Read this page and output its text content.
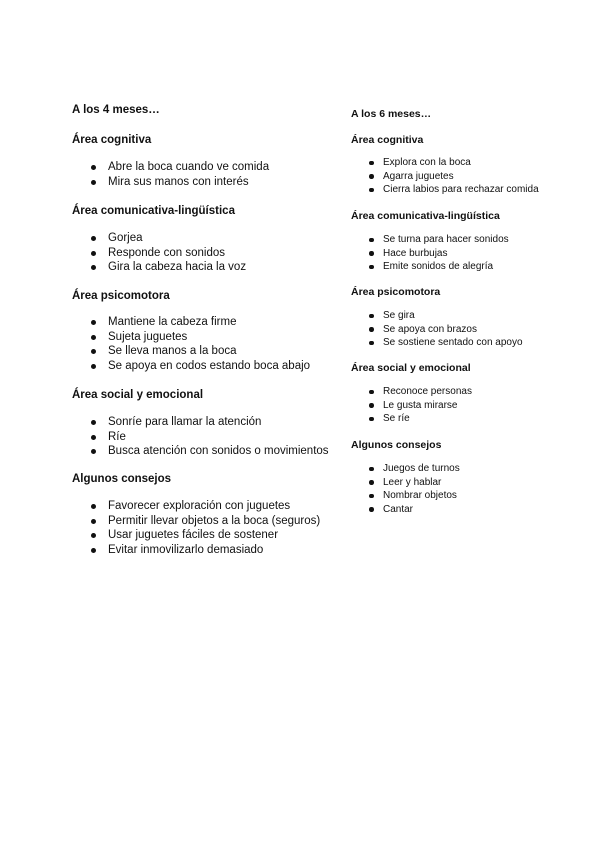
A los 4 meses…

Área cognitiva

Abre la boca cuando ve comida
Mira sus manos con interés

Área comunicativa-lingüística

Gorjea
Responde con sonidos
Gira la cabeza hacia la voz

Área psicomotora

Mantiene la cabeza firme
Sujeta juguetes
Se lleva manos a la boca
Se apoya en codos estando boca abajo

Área social y emocional

Sonríe para llamar la atención
Ríe
Busca atención con sonidos o movimientos

Algunos consejos

Favorecer exploración con juguetes
Permitir llevar objetos a la boca (seguros)
Usar juguetes fáciles de sostener
Evitar inmovilizarlo demasiado

A los 6 meses…

Área cognitiva

Explora con la boca
Agarra juguetes
Cierra labios para rechazar comida

Área comunicativa-lingüística

Se turna para hacer sonidos
Hace burbujas
Emite sonidos de alegría

Área psicomotora

Se gira
Se apoya con brazos
Se sostiene sentado con apoyo

Área social y emocional

Reconoce personas
Le gusta mirarse
Se ríe

Algunos consejos

Juegos de turnos
Leer y hablar
Nombrar objetos
Cantar
